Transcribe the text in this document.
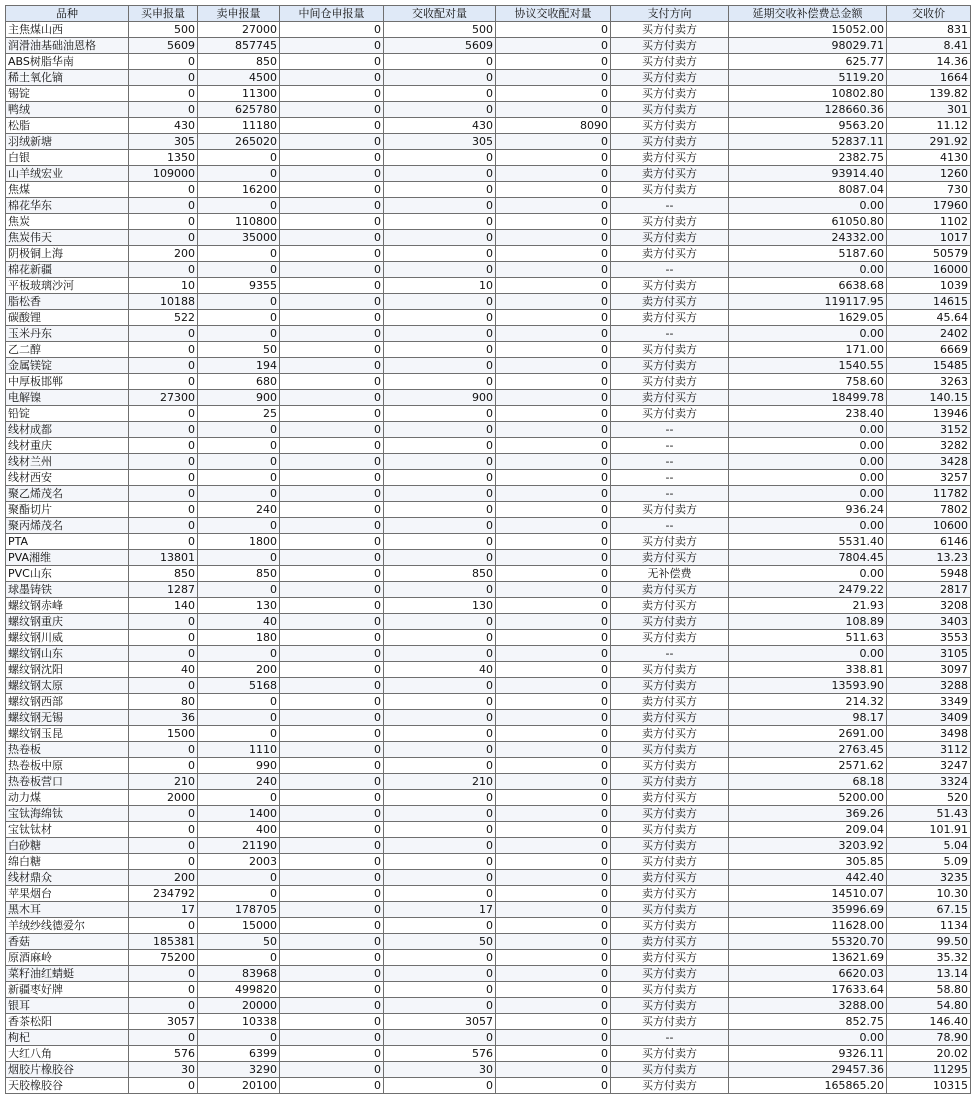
品种	买申报量	卖申报量	中间仓申报量	交收配对量	协议交收配对量	支付方向	延期交收补偿费总金额	交收价
主焦煤山西	500	27000	0	500	0	买方付卖方	15052.00	831
润滑油基础油恩格	5609	857745	0	5609	0	买方付卖方	98029.71	8.41
ABS树脂华南	0	850	0	0	0	买方付卖方	625.77	14.36
稀土氧化镝	0	4500	0	0	0	买方付卖方	5119.20	1664
锡锭	0	11300	0	0	0	买方付卖方	10802.80	139.82
鸭绒	0	625780	0	0	0	买方付卖方	128660.36	301
松脂	430	11180	0	430	8090	买方付卖方	9563.20	11.12
羽绒新塘	305	265020	0	305	0	买方付卖方	52837.11	291.92
白银	1350	0	0	0	0	卖方付买方	2382.75	4130
山羊绒宏业	109000	0	0	0	0	卖方付买方	93914.40	1260
焦煤	0	16200	0	0	0	买方付卖方	8087.04	730
棉花华东	0	0	0	0	0	--	0.00	17960
焦炭	0	110800	0	0	0	买方付卖方	61050.80	1102
焦炭伟天	0	35000	0	0	0	买方付卖方	24332.00	1017
阴极铜上海	200	0	0	0	0	卖方付买方	5187.60	50579
棉花新疆	0	0	0	0	0	--	0.00	16000
平板玻璃沙河	10	9355	0	10	0	买方付卖方	6638.68	1039
脂松香	10188	0	0	0	0	卖方付买方	119117.95	14615
碳酸锂	522	0	0	0	0	卖方付买方	1629.05	45.64
玉米丹东	0	0	0	0	0	--	0.00	2402
乙二醇	0	50	0	0	0	买方付卖方	171.00	6669
金属镁锭	0	194	0	0	0	买方付卖方	1540.55	15485
中厚板邯郸	0	680	0	0	0	买方付卖方	758.60	3263
电解镍	27300	900	0	900	0	卖方付买方	18499.78	140.15
铅锭	0	25	0	0	0	买方付卖方	238.40	13946
线材成都	0	0	0	0	0	--	0.00	3152
线材重庆	0	0	0	0	0	--	0.00	3282
线材兰州	0	0	0	0	0	--	0.00	3428
线材西安	0	0	0	0	0	--	0.00	3257
聚乙烯茂名	0	0	0	0	0	--	0.00	11782
聚酯切片	0	240	0	0	0	买方付卖方	936.24	7802
聚丙烯茂名	0	0	0	0	0	--	0.00	10600
PTA	0	1800	0	0	0	买方付卖方	5531.40	6146
PVA湘维	13801	0	0	0	0	卖方付买方	7804.45	13.23
PVC山东	850	850	0	850	0	无补偿费	0.00	5948
球墨铸铁	1287	0	0	0	0	卖方付买方	2479.22	2817
螺纹钢赤峰	140	130	0	130	0	卖方付买方	21.93	3208
螺纹钢重庆	0	40	0	0	0	买方付卖方	108.89	3403
螺纹钢川威	0	180	0	0	0	买方付卖方	511.63	3553
螺纹钢山东	0	0	0	0	0	--	0.00	3105
螺纹钢沈阳	40	200	0	40	0	买方付卖方	338.81	3097
螺纹钢太原	0	5168	0	0	0	买方付卖方	13593.90	3288
螺纹钢西部	80	0	0	0	0	卖方付买方	214.32	3349
螺纹钢无锡	36	0	0	0	0	卖方付买方	98.17	3409
螺纹钢玉昆	1500	0	0	0	0	卖方付买方	2691.00	3498
热卷板	0	1110	0	0	0	买方付卖方	2763.45	3112
热卷板中原	0	990	0	0	0	买方付卖方	2571.62	3247
热卷板营口	210	240	0	210	0	买方付卖方	68.18	3324
动力煤	2000	0	0	0	0	卖方付买方	5200.00	520
宝钛海绵钛	0	1400	0	0	0	买方付卖方	369.26	51.43
宝钛钛材	0	400	0	0	0	买方付卖方	209.04	101.91
白砂糖	0	21190	0	0	0	买方付卖方	3203.92	5.04
绵白糖	0	2003	0	0	0	买方付卖方	305.85	5.09
线材鼎众	200	0	0	0	0	卖方付买方	442.40	3235
苹果烟台	234792	0	0	0	0	卖方付买方	14510.07	10.30
黑木耳	17	178705	0	17	0	买方付卖方	35996.69	67.15
羊绒纱线德爱尔	0	15000	0	0	0	买方付卖方	11628.00	1134
香菇	185381	50	0	50	0	卖方付买方	55320.70	99.50
原酒麻岭	75200	0	0	0	0	卖方付买方	13621.69	35.32
菜籽油红蜻蜓	0	83968	0	0	0	买方付卖方	6620.03	13.14
新疆枣好牌	0	499820	0	0	0	买方付卖方	17633.64	58.80
银耳	0	20000	0	0	0	买方付卖方	3288.00	54.80
香茶松阳	3057	10338	0	3057	0	买方付卖方	852.75	146.40
枸杞	0	0	0	0	0	--	0.00	78.90
大红八角	576	6399	0	576	0	买方付卖方	9326.11	20.02
烟胶片橡胶谷	30	3290	0	30	0	买方付卖方	29457.36	11295
天胶橡胶谷	0	20100	0	0	0	买方付卖方	165865.20	10315
